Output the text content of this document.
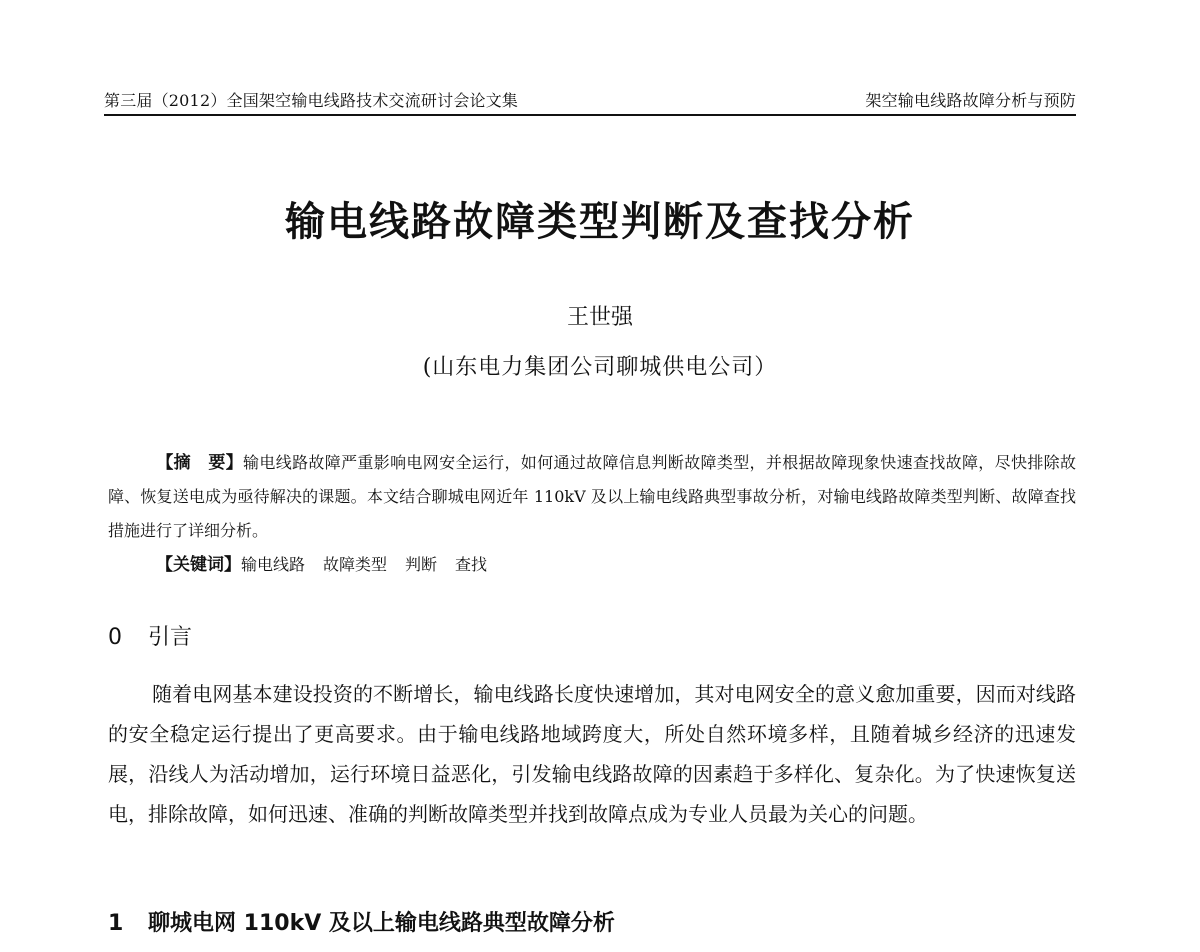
第三届（2012）全国架空输电线路技术交流研讨会论文集	架空输电线路故障分析与预防
输电线路故障类型判断及查找分析
王世强
(山东电力集团公司聊城供电公司）
【摘　要】输电线路故障严重影响电网安全运行，如何通过故障信息判断故障类型，并根据故障现象快速查找故障，尽快排除故障、恢复送电成为亟待解决的课题。本文结合聊城电网近年 110kV 及以上输电线路典型事故分析，对输电线路故障类型判断、故障查找措施进行了详细分析。
【关键词】输电线路 故障类型 判断 查找
0 引言
随着电网基本建设投资的不断增长，输电线路长度快速增加，其对电网安全的意义愈加重要，因而对线路的安全稳定运行提出了更高要求。由于输电线路地域跨度大，所处自然环境多样，且随着城乡经济的迅速发展，沿线人为活动增加，运行环境日益恶化，引发输电线路故障的因素趋于多样化、复杂化。为了快速恢复送电，排除故障，如何迅速、准确的判断故障类型并找到故障点成为专业人员最为关心的问题。
1 聊城电网 110kV 及以上输电线路典型故障分析
